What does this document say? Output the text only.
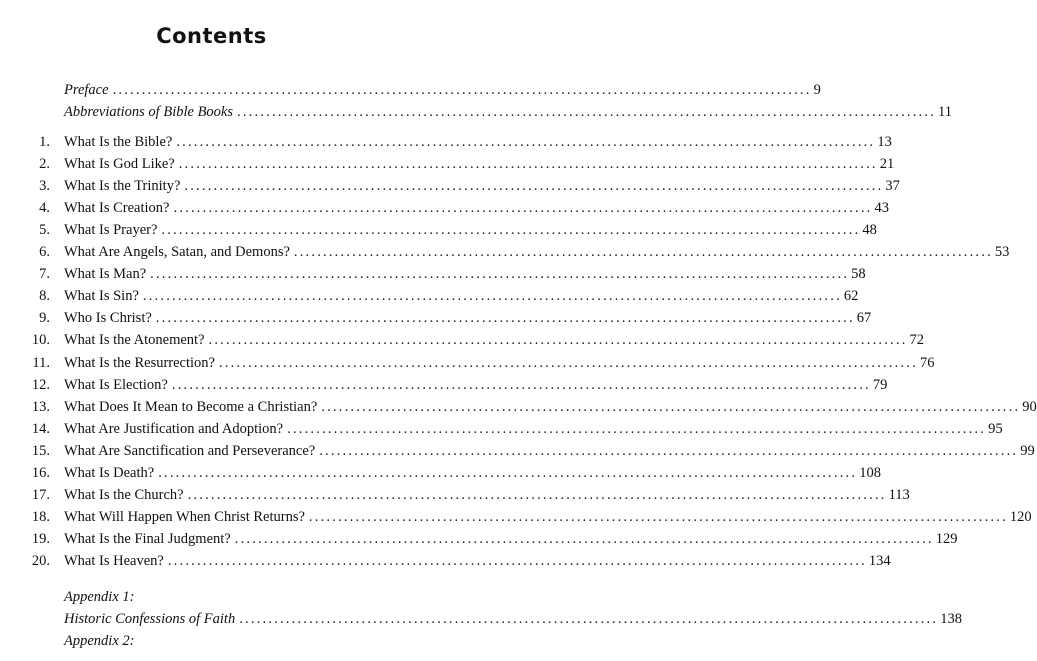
Contents
Preface ........................................................................................................................ 9
Abbreviations of Bible Books ........................................................................................................................ 11
1. What Is the Bible? ........................................................................................................................ 13
2. What Is God Like? ........................................................................................................................ 21
3. What Is the Trinity? ........................................................................................................................ 37
4. What Is Creation? ........................................................................................................................ 43
5. What Is Prayer? ........................................................................................................................ 48
6. What Are Angels, Satan, and Demons? ........................................................................................................................ 53
7. What Is Man? ........................................................................................................................ 58
8. What Is Sin? ........................................................................................................................ 62
9. Who Is Christ? ........................................................................................................................ 67
10. What Is the Atonement? ........................................................................................................................ 72
11. What Is the Resurrection? ........................................................................................................................ 76
12. What Is Election? ........................................................................................................................ 79
13. What Does It Mean to Become a Christian? ........................................................................................................................ 90
14. What Are Justification and Adoption? ........................................................................................................................ 95
15. What Are Sanctification and Perseverance? ........................................................................................................................ 99
16. What Is Death? ........................................................................................................................ 108
17. What Is the Church? ........................................................................................................................ 113
18. What Will Happen When Christ Returns? ........................................................................................................................ 120
19. What Is the Final Judgment? ........................................................................................................................ 129
20. What Is Heaven? ........................................................................................................................ 134
Appendix 1:
Historic Confessions of Faith ........................................................................................................................ 138
Appendix 2:
